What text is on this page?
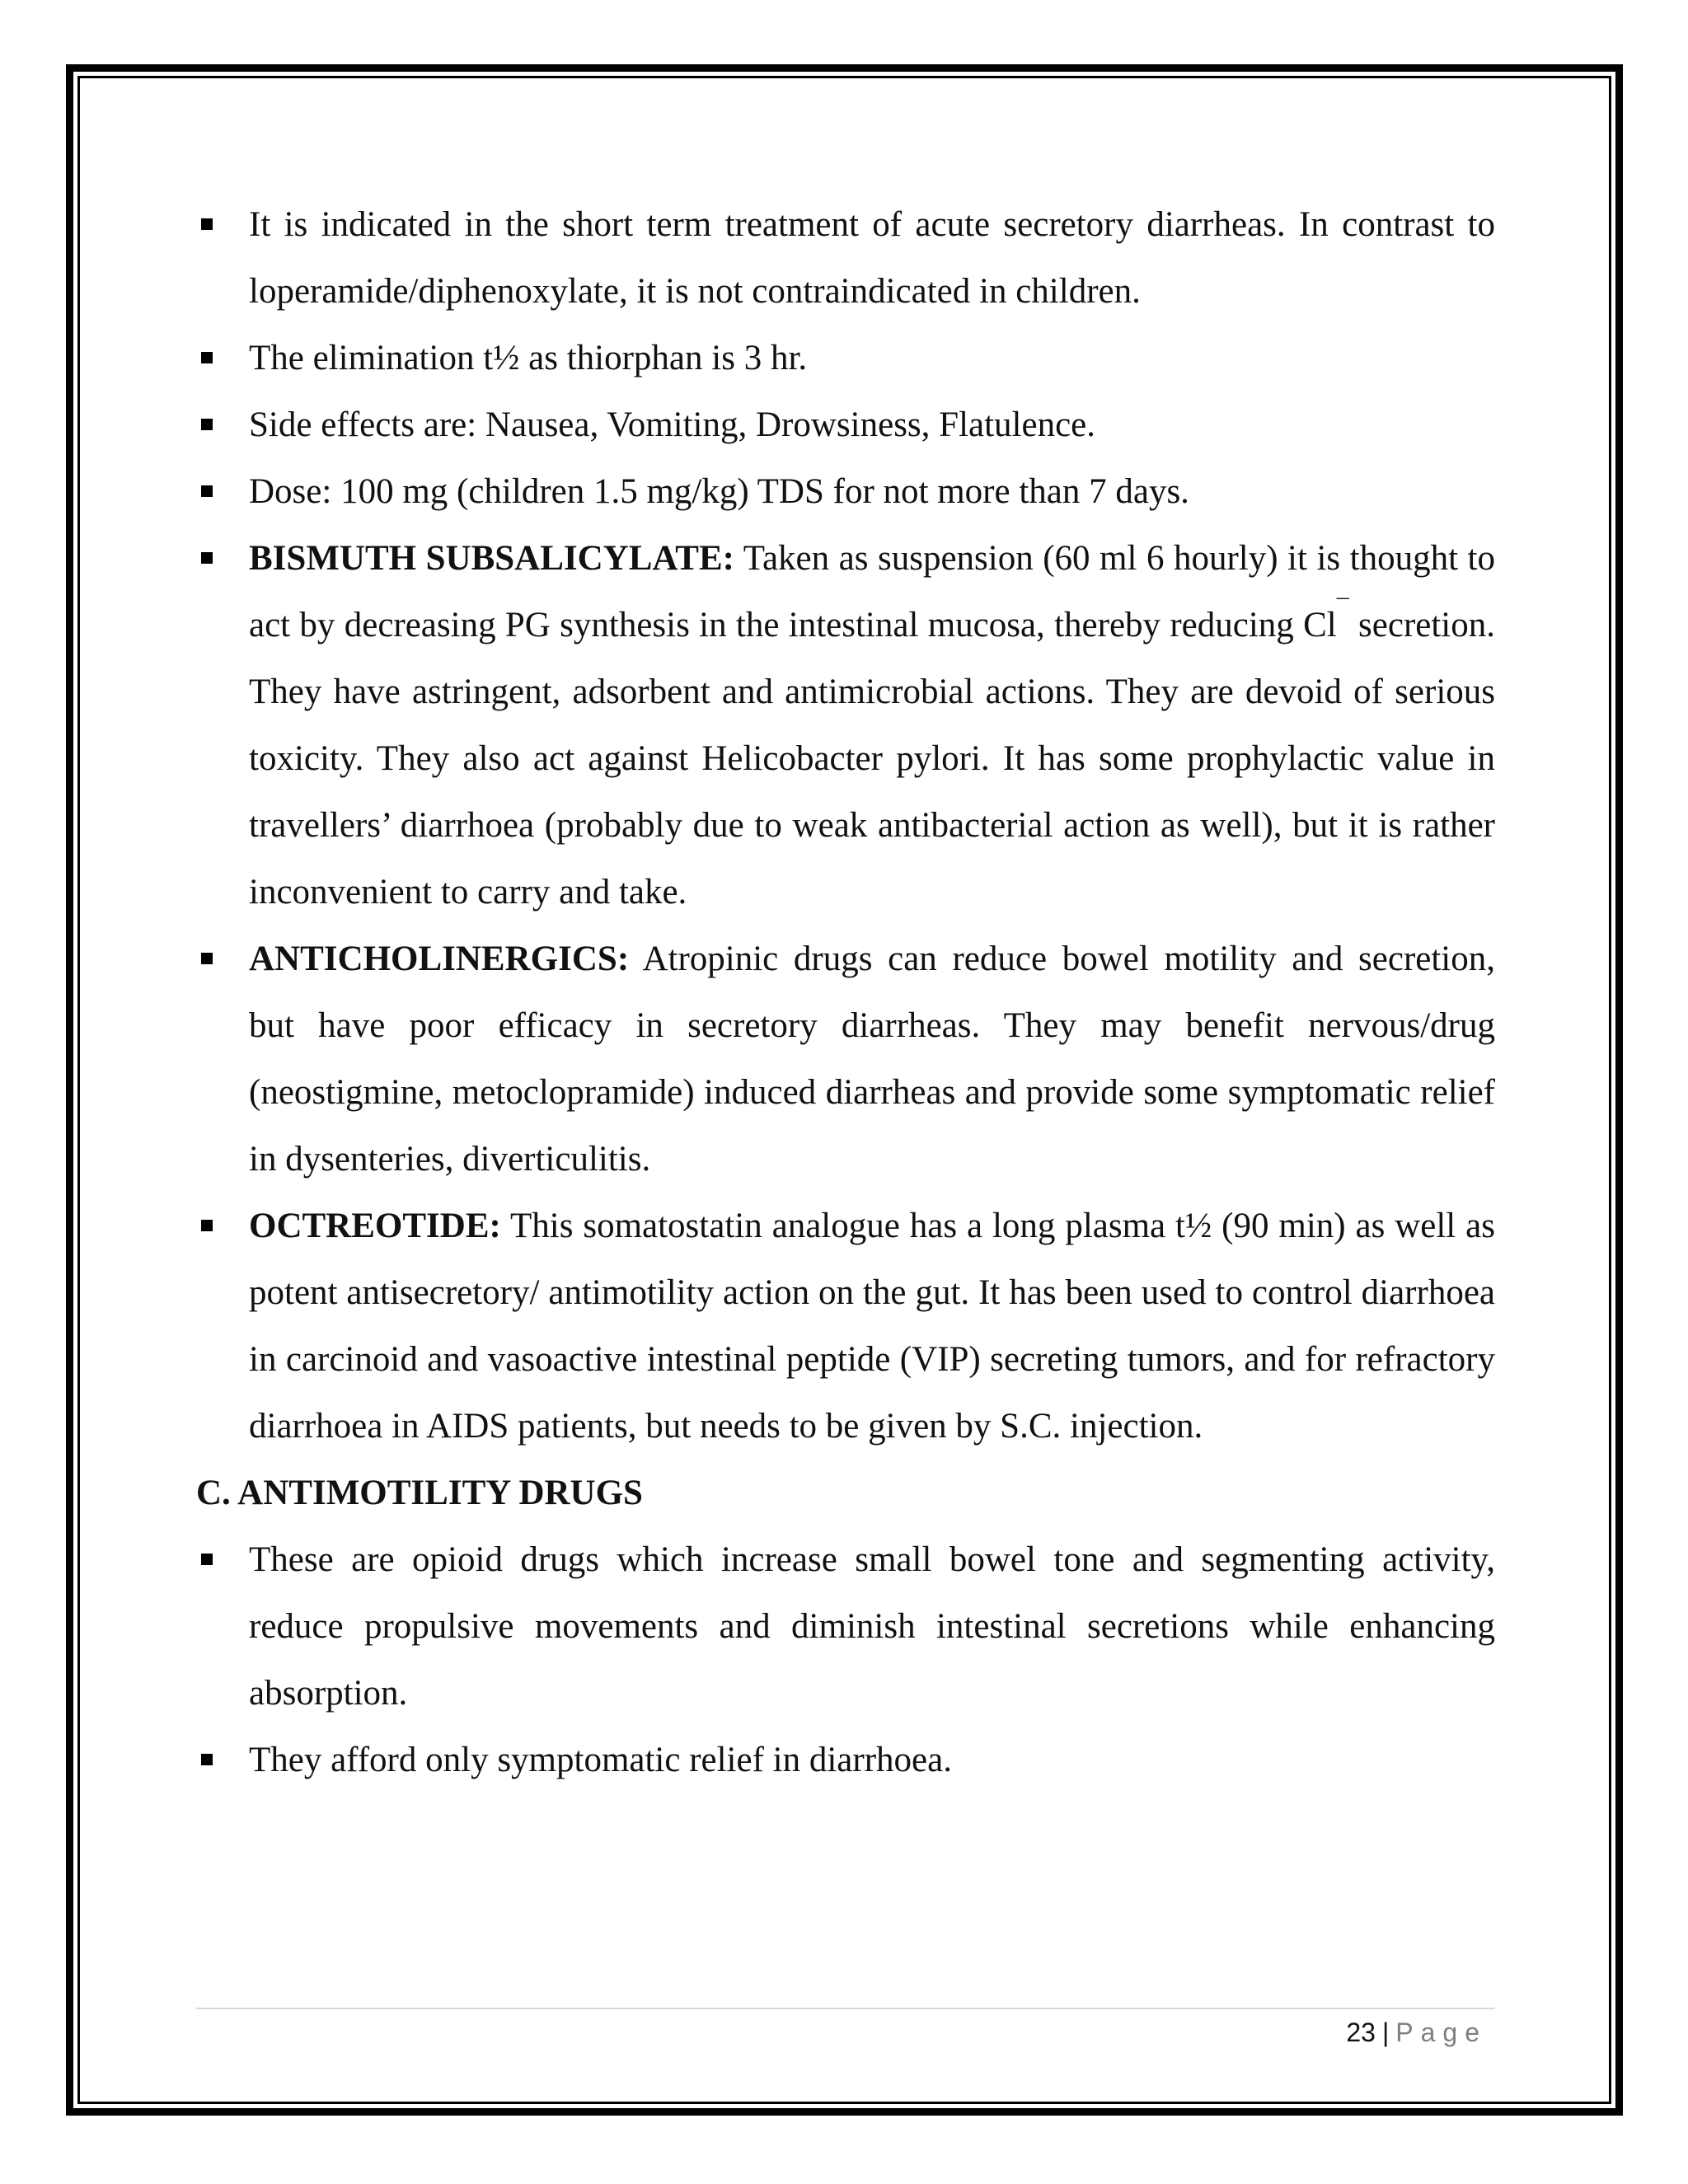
It is indicated in the short term treatment of acute secretory diarrheas. In contrast to loperamide/diphenoxylate, it is not contraindicated in children.
The elimination t½ as thiorphan is 3 hr.
Side effects are: Nausea, Vomiting, Drowsiness, Flatulence.
Dose: 100 mg (children 1.5 mg/kg) TDS for not more than 7 days.
BISMUTH SUBSALICYLATE: Taken as suspension (60 ml 6 hourly) it is thought to act by decreasing PG synthesis in the intestinal mucosa, thereby reducing Cl¯ secretion. They have astringent, adsorbent and antimicrobial actions. They are devoid of serious toxicity. They also act against Helicobacter pylori. It has some prophylactic value in travellers’ diarrhoea (probably due to weak antibacterial action as well), but it is rather inconvenient to carry and take.
ANTICHOLINERGICS: Atropinic drugs can reduce bowel motility and secretion, but have poor efficacy in secretory diarrheas. They may benefit nervous/drug (neostigmine, metoclopramide) induced diarrheas and provide some symptomatic relief in dysenteries, diverticulitis.
OCTREOTIDE: This somatostatin analogue has a long plasma t½ (90 min) as well as potent antisecretory/ antimotility action on the gut. It has been used to control diarrhoea in carcinoid and vasoactive intestinal peptide (VIP) secreting tumors, and for refractory diarrhoea in AIDS patients, but needs to be given by S.C. injection.
C. ANTIMOTILITY DRUGS
These are opioid drugs which increase small bowel tone and segmenting activity, reduce propulsive movements and diminish intestinal secretions while enhancing absorption.
They afford only symptomatic relief in diarrhoea.
23 | Page
